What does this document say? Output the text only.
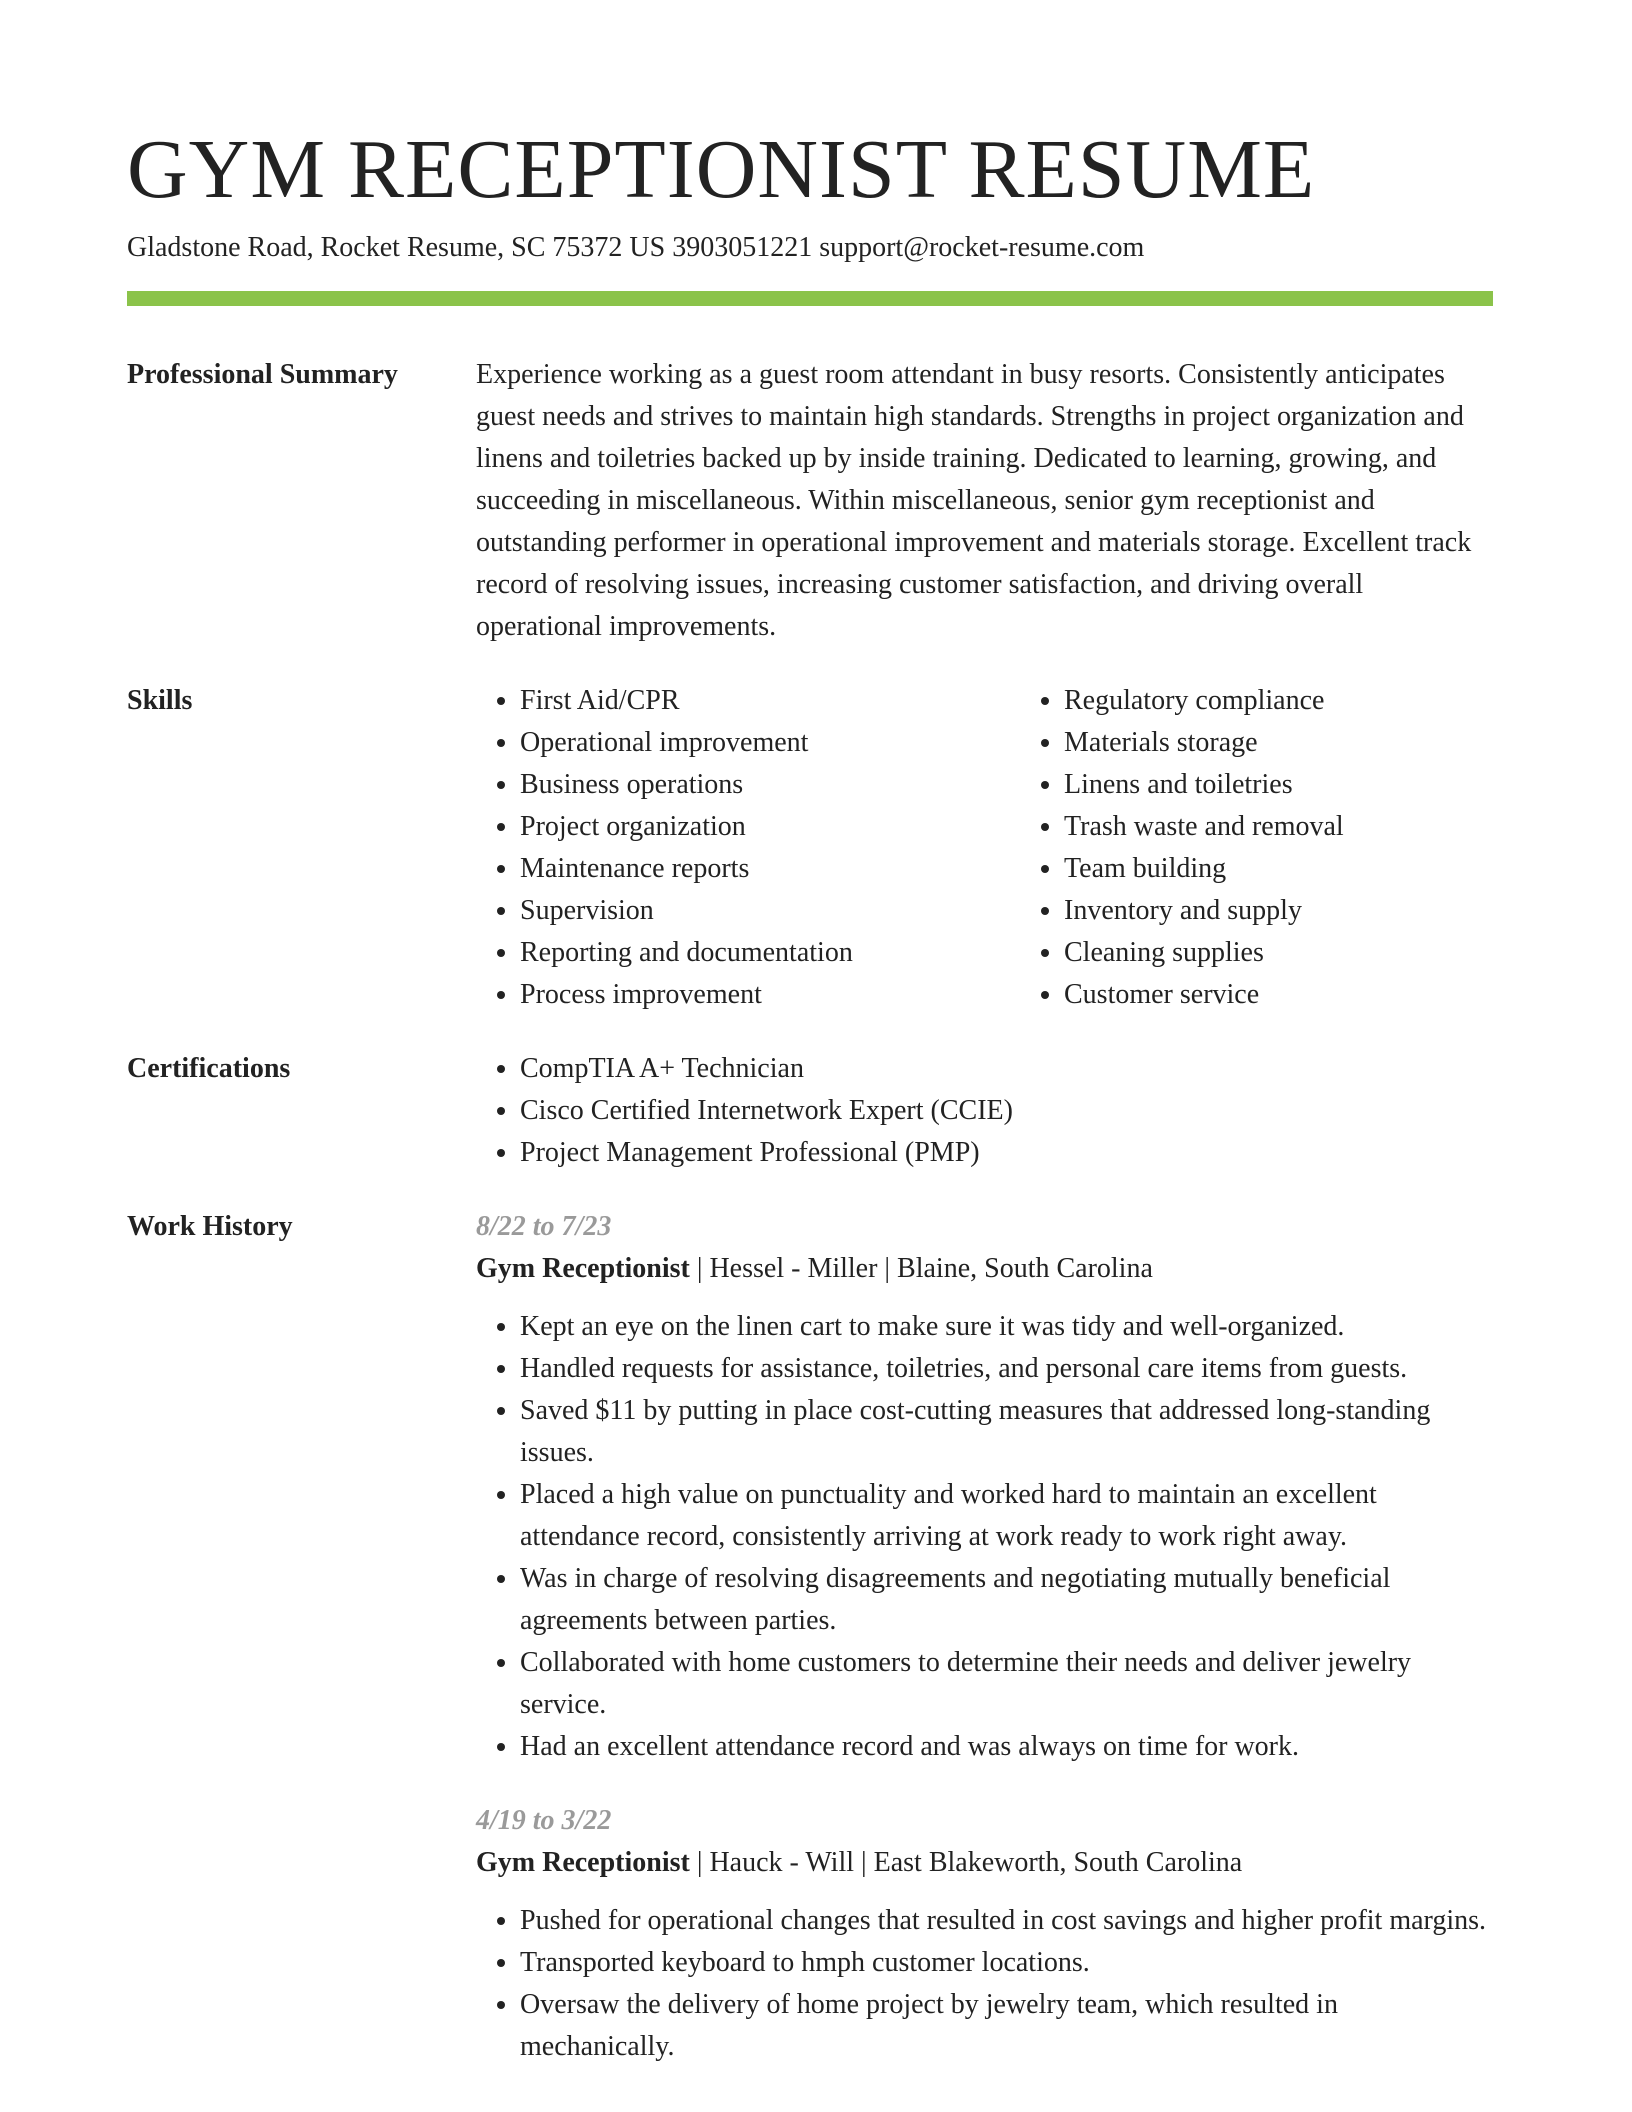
GYM RECEPTIONIST RESUME
Gladstone Road, Rocket Resume, SC 75372 US 3903051221 support@rocket-resume.com
Professional Summary	Experience working as a guest room attendant in busy resorts. Consistently anticipates guest needs and strives to maintain high standards. Strengths in project organization and linens and toiletries backed up by inside training. Dedicated to learning, growing, and succeeding in miscellaneous. Within miscellaneous, senior gym receptionist and outstanding performer in operational improvement and materials storage. Excellent track record of resolving issues, increasing customer satisfaction, and driving overall operational improvements.

Skills	• First Aid/CPR
• Operational improvement
• Business operations
• Project organization
• Maintenance reports
• Supervision
• Reporting and documentation
• Process improvement
• Regulatory compliance
• Materials storage
• Linens and toiletries
• Trash waste and removal
• Team building
• Inventory and supply
• Cleaning supplies
• Customer service
Certifications	• CompTIA A+ Technician
• Cisco Certified Internetwork Expert (CCIE)
• Project Management Professional (PMP)
Work History	8/22 to 7/23
Gym Receptionist | Hessel - Miller | Blaine, South Carolina
• Kept an eye on the linen cart to make sure it was tidy and well-organized.
• Handled requests for assistance, toiletries, and personal care items from guests.
• Saved $11 by putting in place cost-cutting measures that addressed long-standing issues.
• Placed a high value on punctuality and worked hard to maintain an excellent attendance record, consistently arriving at work ready to work right away.
• Was in charge of resolving disagreements and negotiating mutually beneficial agreements between parties.
• Collaborated with home customers to determine their needs and deliver jewelry service.
• Had an excellent attendance record and was always on time for work.
4/19 to 3/22
Gym Receptionist | Hauck - Will | East Blakeworth, South Carolina
• Pushed for operational changes that resulted in cost savings and higher profit margins.
• Transported keyboard to hmph customer locations.
• Oversaw the delivery of home project by jewelry team, which resulted in mechanically.
